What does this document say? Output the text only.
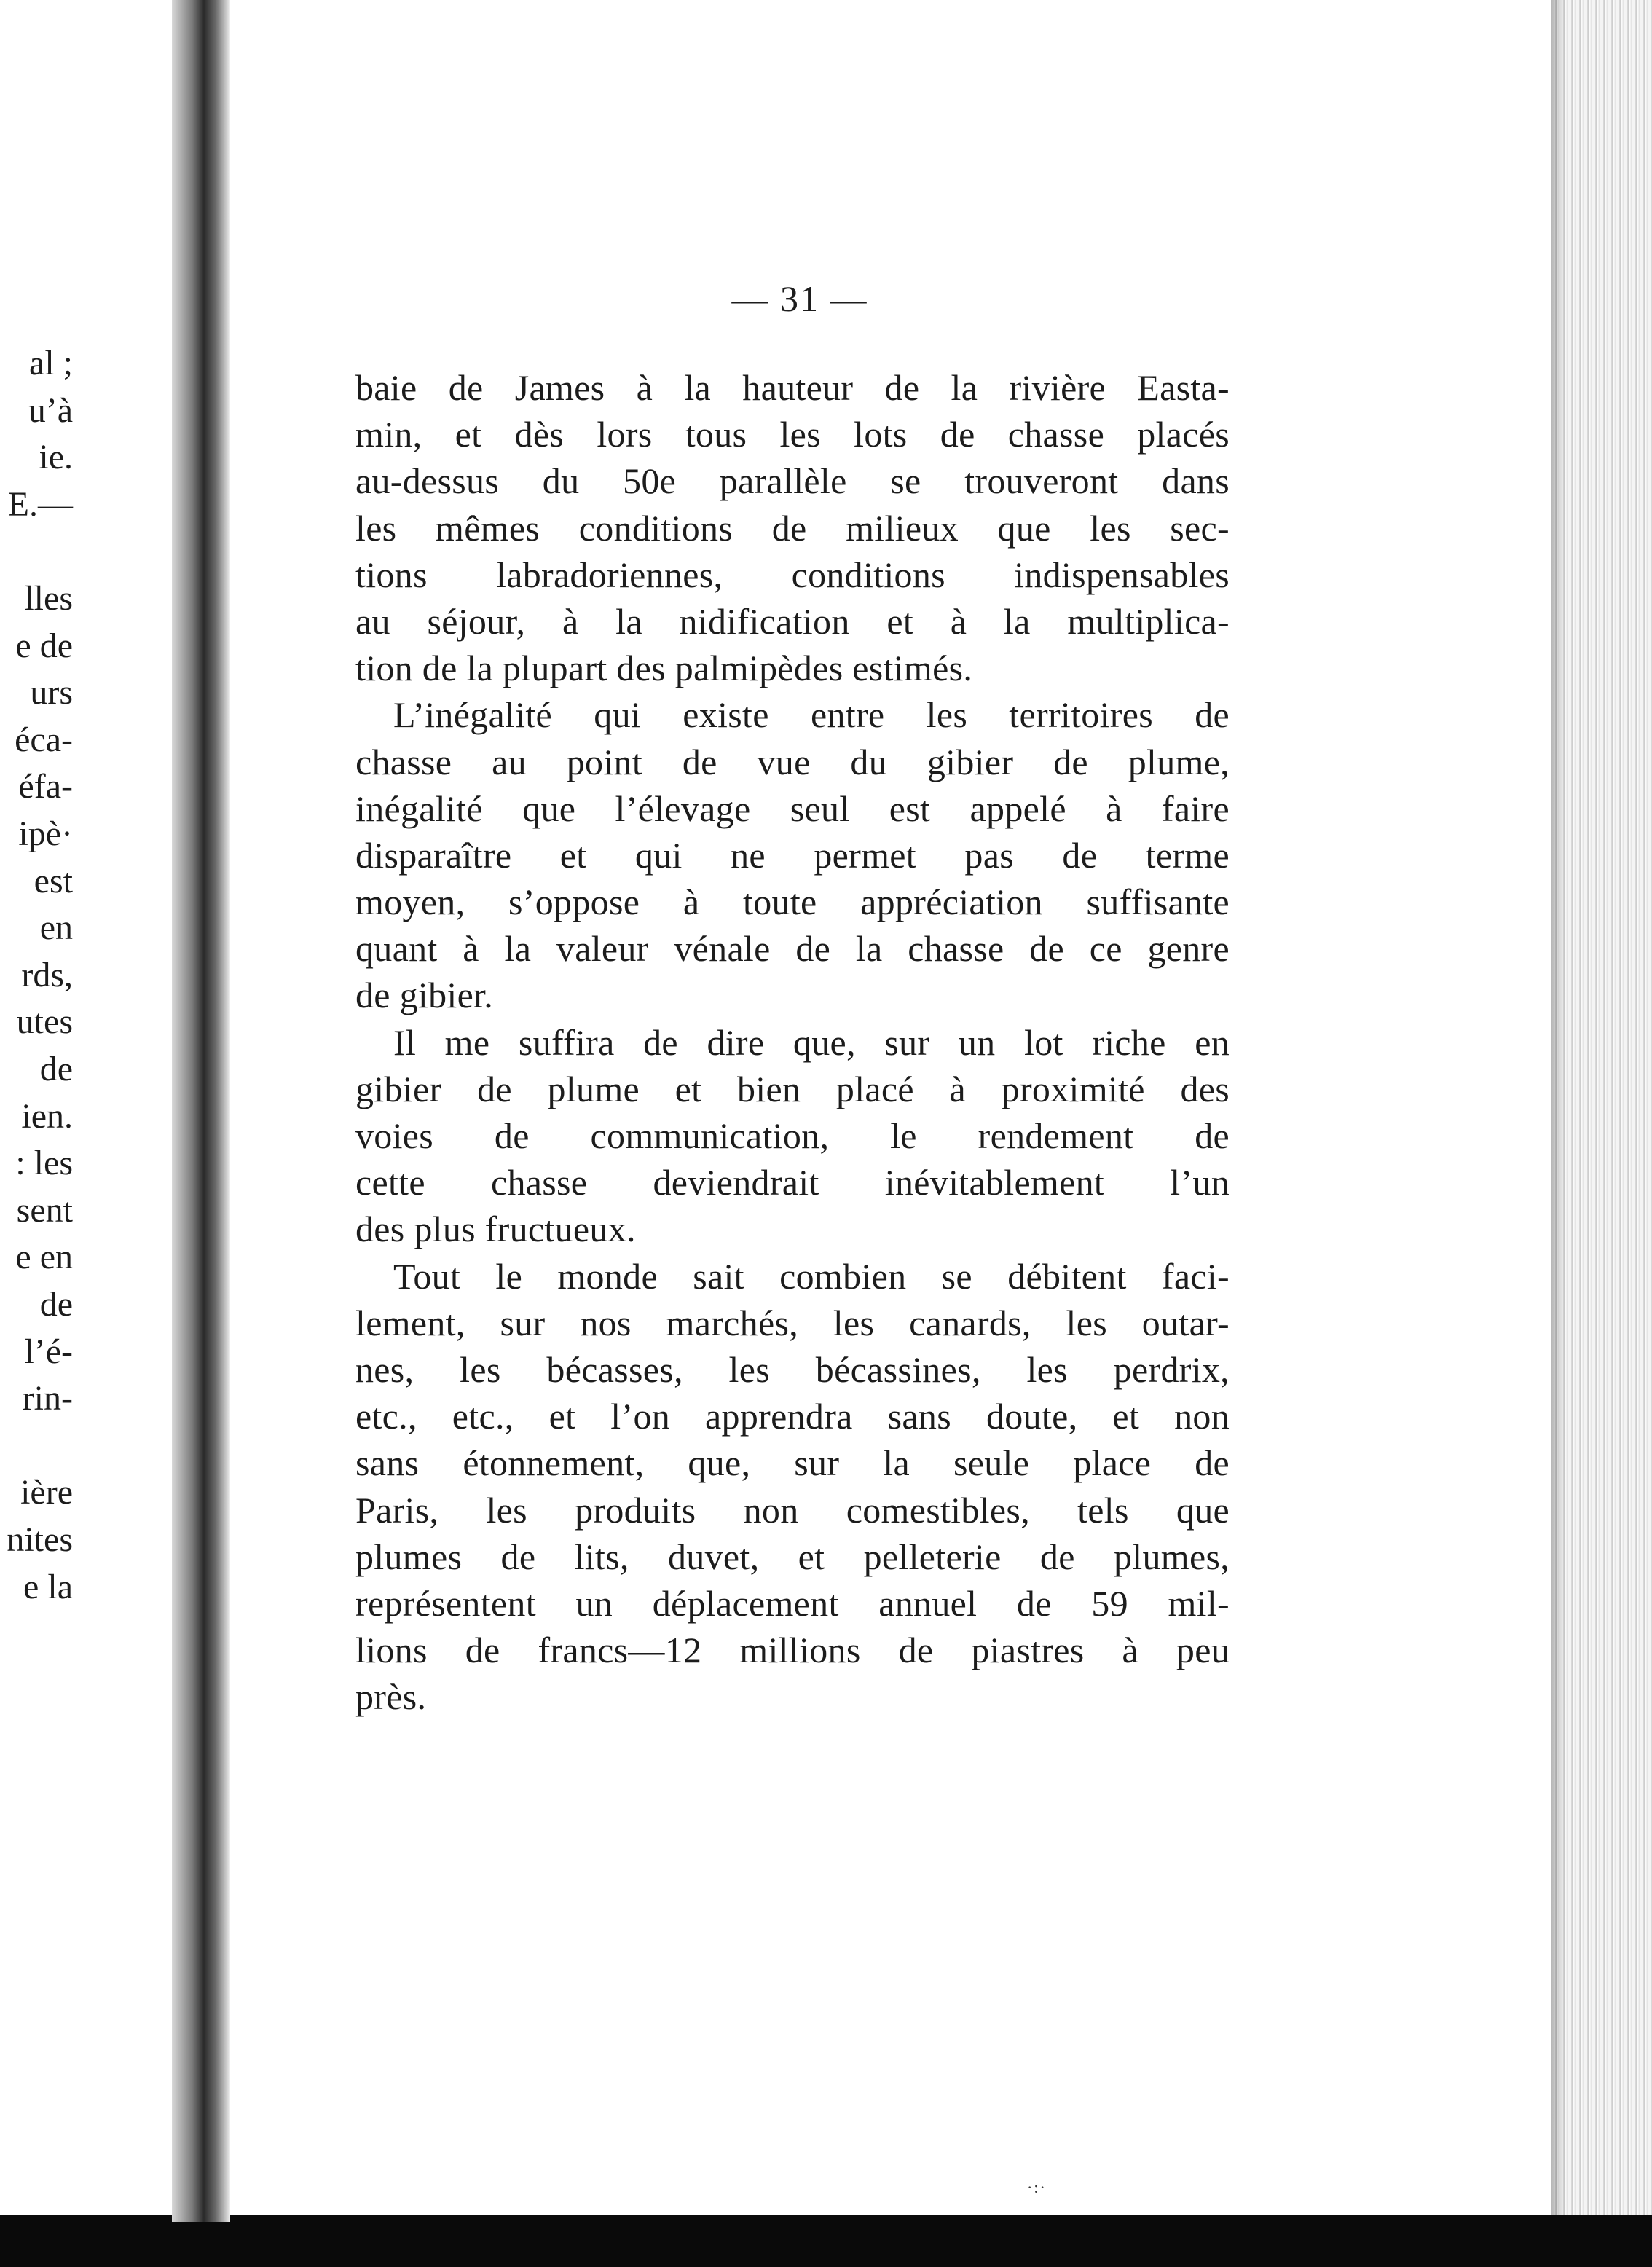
al ;
u’à
ie.
E.—
lles
e de
urs
éca-
éfa-
ipè·
est
en
rds,
utes
de
ien.
: les
sent
e en
de
l’é-
rin-
ière
nites
e la
— 31 —
baie de James à la hauteur de la rivière Easta-
min, et dès lors tous les lots de chasse placés
au-dessus du 50e parallèle se trouveront dans
les mêmes conditions de milieux que les sec-
tions labradoriennes, conditions indispensables
au séjour, à la nidification et à la multiplica-
tion de la plupart des palmipèdes estimés.
L’inégalité qui existe entre les territoires de
chasse au point de vue du gibier de plume,
inégalité que l’élevage seul est appelé à faire
disparaître et qui ne permet pas de terme
moyen, s’oppose à toute appréciation suffisante
quant à la valeur vénale de la chasse de ce genre
de gibier.
Il me suffira de dire que, sur un lot riche en
gibier de plume et bien placé à proximité des
voies de communication, le rendement de
cette chasse deviendrait inévitablement l’un
des plus fructueux.
Tout le monde sait combien se débitent faci-
lement, sur nos marchés, les canards, les outar-
nes, les bécasses, les bécassines, les perdrix,
etc., etc., et l’on apprendra sans doute, et non
sans étonnement, que, sur la seule place de
Paris, les produits non comestibles, tels que
plumes de lits, duvet, et pelleterie de plumes,
représentent un déplacement annuel de 59 mil-
lions de francs—12 millions de piastres à peu
près.
·:·
